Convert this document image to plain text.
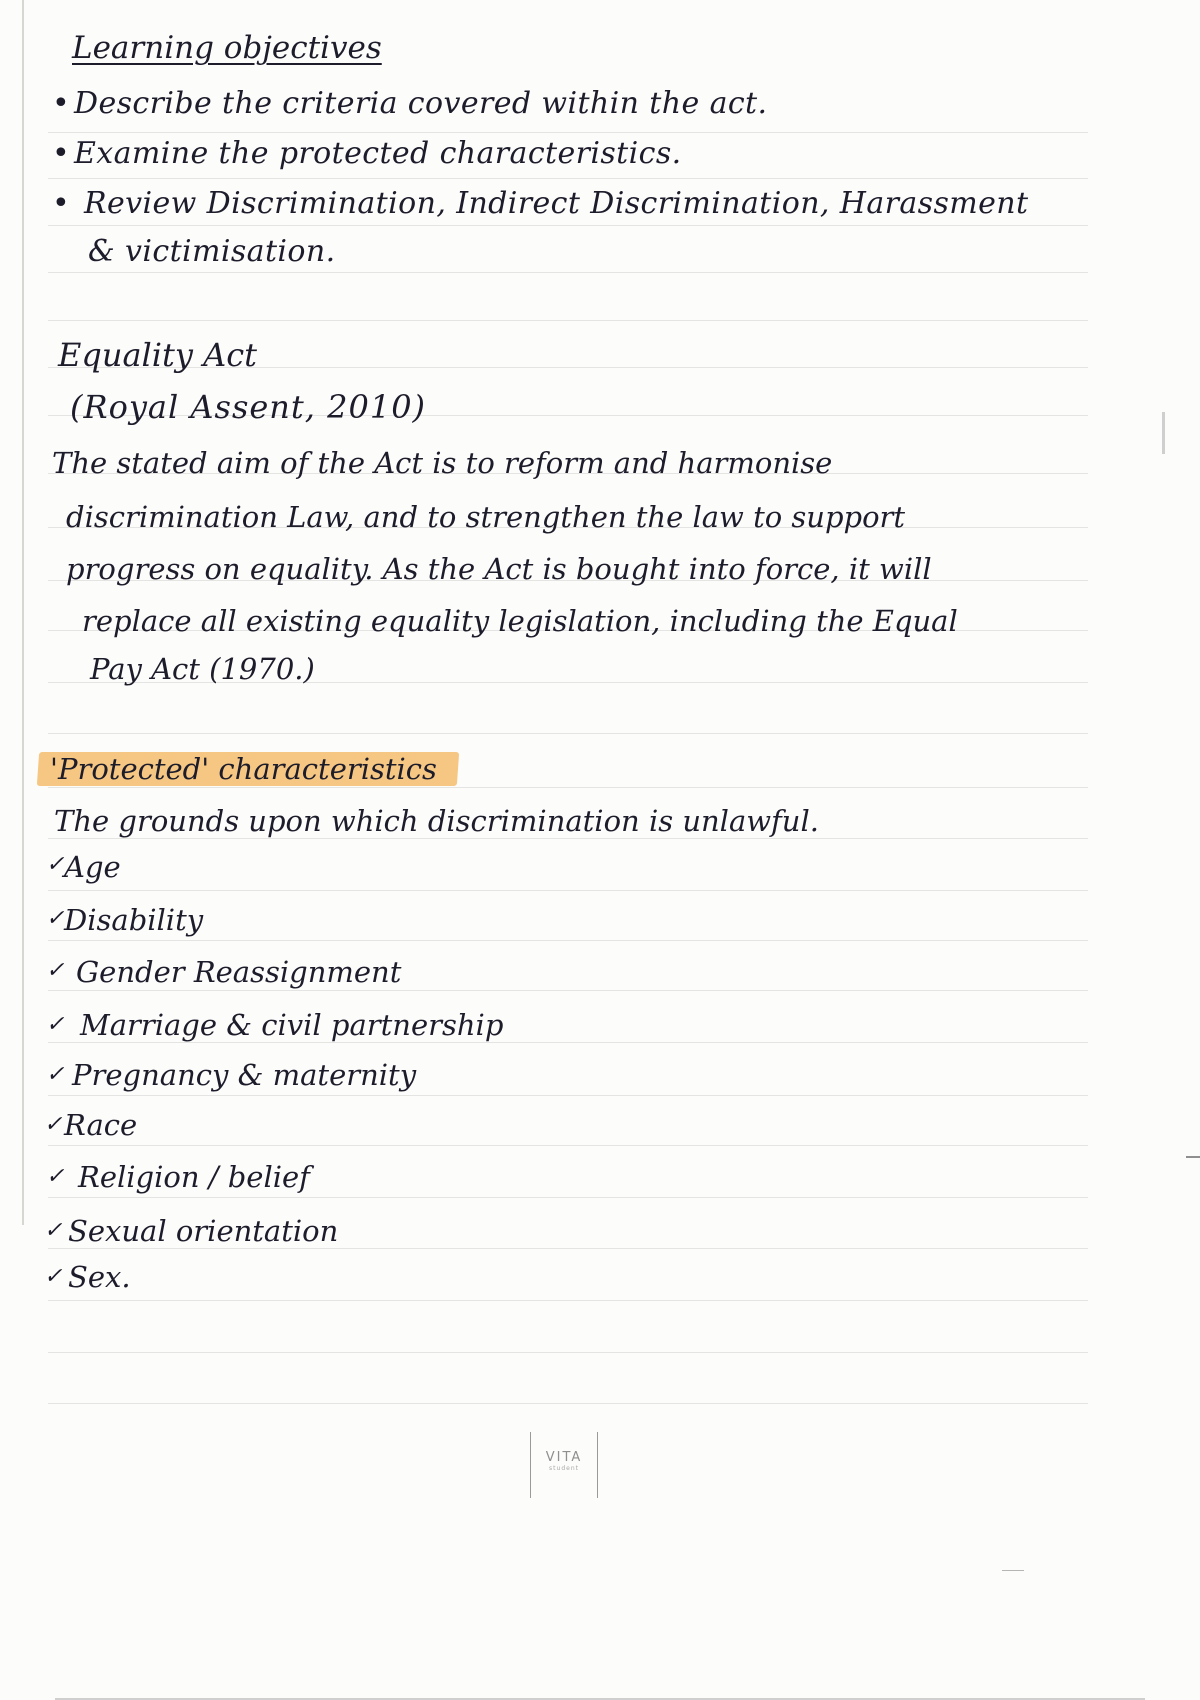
Learning objectives
• Describe the criteria covered within the act.
• Examine the protected characteristics.
• Review Discrimination, Indirect Discrimination, Harassment
& victimisation.
Equality Act
(Royal Assent, 2010)
The stated aim of the Act is to reform and harmonise
discrimination Law, and to strengthen the law to support
progress on equality. As the Act is bought into force, it will
replace all existing equality legislation, including the Equal
Pay Act (1970.)
'Protected' characteristics
The grounds upon which discrimination is unlawful.
✓ Age
✓ Disability
✓ Gender Reassignment
✓ Marriage & civil partnership
✓ Pregnancy & maternity
✓ Race
✓ Religion / belief
✓ Sexual orientation
✓ Sex.
VITA
student
